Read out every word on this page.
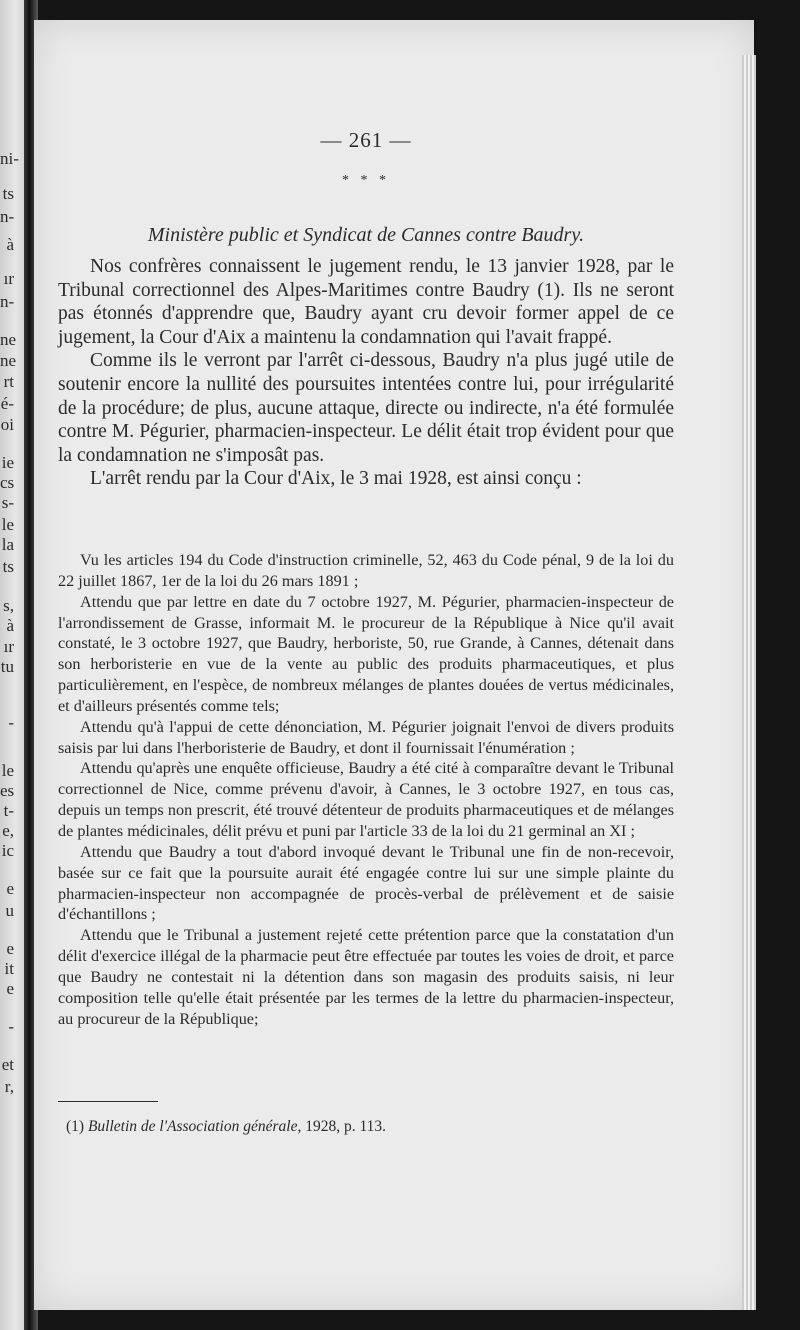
ni-
ts
n-
à
ır
n-
ne
ne
rt
é-
oi
ie
cs
s-
le
la
ts
s,
à
ır
tu
-
le
es
t-
e,
ic
e
u
e
it
e
-
et
r,
— 261 —
* * *
Ministère public et Syndicat de Cannes contre Baudry.

Nos confrères connaissent le jugement rendu, le 13 janvier 1928, par le Tribunal correctionnel des Alpes-Maritimes contre Baudry (1). Ils ne seront pas étonnés d'apprendre que, Baudry ayant cru devoir former appel de ce jugement, la Cour d'Aix a maintenu la condamnation qui l'avait frappé.

Comme ils le verront par l'arrêt ci-dessous, Baudry n'a plus jugé utile de soutenir encore la nullité des poursuites intentées contre lui, pour irrégularité de la procédure; de plus, aucune attaque, directe ou indirecte, n'a été formulée contre M. Pégurier, pharmacien-inspecteur. Le délit était trop évident pour que la condamnation ne s'imposât pas.

L'arrêt rendu par la Cour d'Aix, le 3 mai 1928, est ainsi conçu :

Vu les articles 194 du Code d'instruction criminelle, 52, 463 du Code pénal, 9 de la loi du 22 juillet 1867, 1er de la loi du 26 mars 1891 ;

Attendu que par lettre en date du 7 octobre 1927, M. Pégurier, pharmacien-inspecteur de l'arrondissement de Grasse, informait M. le procureur de la République à Nice qu'il avait constaté, le 3 octobre 1927, que Baudry, herboriste, 50, rue Grande, à Cannes, détenait dans son herboristerie en vue de la vente au public des produits pharmaceutiques, et plus particulièrement, en l'espèce, de nombreux mélanges de plantes douées de vertus médicinales, et d'ailleurs présentés comme tels;

Attendu qu'à l'appui de cette dénonciation, M. Pégurier joignait l'envoi de divers produits saisis par lui dans l'herboristerie de Baudry, et dont il fournissait l'énumération ;

Attendu qu'après une enquête officieuse, Baudry a été cité à comparaître devant le Tribunal correctionnel de Nice, comme prévenu d'avoir, à Cannes, le 3 octobre 1927, en tous cas, depuis un temps non prescrit, été trouvé détenteur de produits pharmaceutiques et de mélanges de plantes médicinales, délit prévu et puni par l'article 33 de la loi du 21 germinal an XI ;

Attendu que Baudry a tout d'abord invoqué devant le Tribunal une fin de non-recevoir, basée sur ce fait que la poursuite aurait été engagée contre lui sur une simple plainte du pharmacien-inspecteur non accompagnée de procès-verbal de prélèvement et de saisie d'échantillons ;

Attendu que le Tribunal a justement rejeté cette prétention parce que la constatation d'un délit d'exercice illégal de la pharmacie peut être effectuée par toutes les voies de droit, et parce que Baudry ne contestait ni la détention dans son magasin des produits saisis, ni leur composition telle qu'elle était présentée par les termes de la lettre du pharmacien-inspecteur, au procureur de la République;

(1) Bulletin de l'Association générale, 1928, p. 113.
